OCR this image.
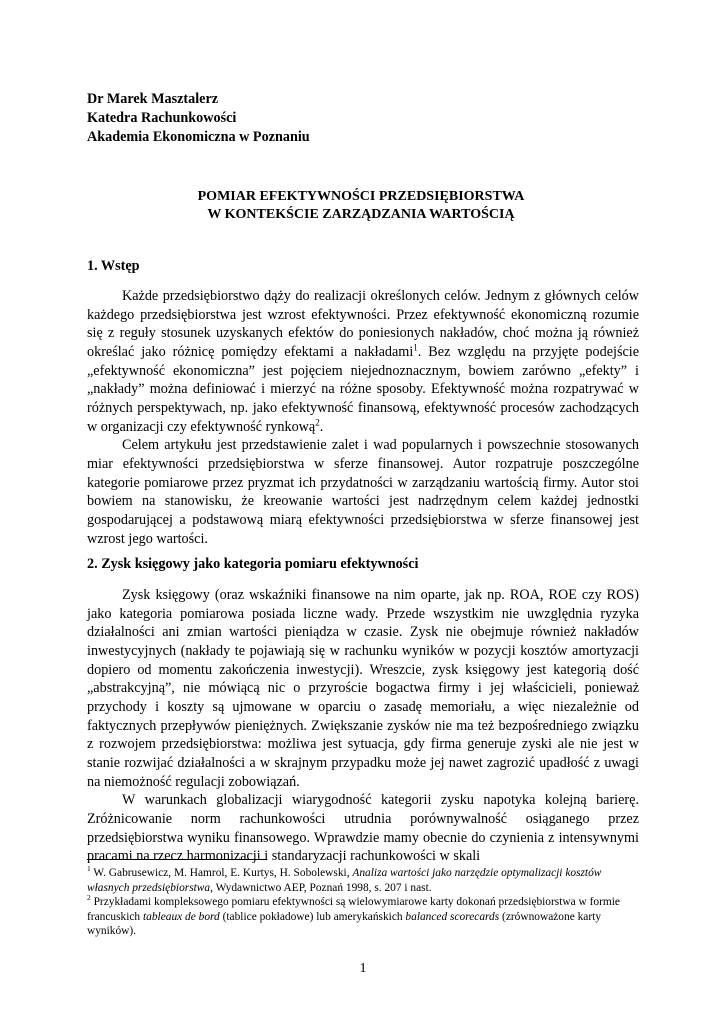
Dr Marek Masztalerz
Katedra Rachunkowości
Akademia Ekonomiczna w Poznaniu
POMIAR EFEKTYWNOŚCI PRZEDSIĘBIORSTWA
W KONTEKŚCIE ZARZĄDZANIA WARTOŚCIĄ
1. Wstęp

Każde przedsiębiorstwo dąży do realizacji określonych celów. Jednym z głównych celów każdego przedsiębiorstwa jest wzrost efektywności. Przez efektywność ekonomiczną rozumie się z reguły stosunek uzyskanych efektów do poniesionych nakładów, choć można ją również określać jako różnicę pomiędzy efektami a nakładami$^1$. Bez względu na przyjęte podejście „efektywność ekonomiczna” jest pojęciem niejednoznacznym, bowiem zarówno „efekty” i „nakłady” można definiować i mierzyć na różne sposoby. Efektywność można rozpatrywać w różnych perspektywach, np. jako efektywność finansową, efektywność procesów zachodzących w organizacji czy efektywność rynkową$^2$.

Celem artykułu jest przedstawienie zalet i wad popularnych i powszechnie stosowanych miar efektywności przedsiębiorstwa w sferze finansowej. Autor rozpatruje poszczególne kategorie pomiarowe przez pryzmat ich przydatności w zarządzaniu wartością firmy. Autor stoi bowiem na stanowisku, że kreowanie wartości jest nadrzędnym celem każdej jednostki gospodarującej a podstawową miarą efektywności przedsiębiorstwa w sferze finansowej jest wzrost jego wartości.

2. Zysk księgowy jako kategoria pomiaru efektywności

Zysk księgowy (oraz wskaźniki finansowe na nim oparte, jak np. ROA, ROE czy ROS) jako kategoria pomiarowa posiada liczne wady. Przede wszystkim nie uwzględnia ryzyka działalności ani zmian wartości pieniądza w czasie. Zysk nie obejmuje również nakładów inwestycyjnych (nakłady te pojawiają się w rachunku wyników w pozycji kosztów amortyzacji dopiero od momentu zakończenia inwestycji). Wreszcie, zysk księgowy jest kategorią dość „abstrakcyjną”, nie mówiącą nic o przyroście bogactwa firmy i jej właścicieli, ponieważ przychody i koszty są ujmowane w oparciu o zasadę memoriału, a więc niezależnie od faktycznych przepływów pieniężnych. Zwiększanie zysków nie ma też bezpośredniego związku z rozwojem przedsiębiorstwa: możliwa jest sytuacja, gdy firma generuje zyski ale nie jest w stanie rozwijać działalności a w skrajnym przypadku może jej nawet zagrozić upadłość z uwagi na niemożność regulacji zobowiązań.

W warunkach globalizacji wiarygodność kategorii zysku napotyka kolejną barierę. Zróżnicowanie norm rachunkowości utrudnia porównywalność osiąganego przez przedsiębiorstwa wyniku finansowego. Wprawdzie mamy obecnie do czynienia z intensywnymi pracami na rzecz harmonizacji i standaryzacji rachunkowości w skali

$^1$ W. Gabrusewicz, M. Hamrol, E. Kurtys, H. Sobolewski, Analiza wartości jako narzędzie optymalizacji kosztów własnych przedsiębiorstwa, Wydawnictwo AEP, Poznań 1998, s. 207 i nast.

$^2$ Przykładami kompleksowego pomiaru efektywności są wielowymiarowe karty dokonań przedsiębiorstwa w formie francuskich tableaux de bord (tablice pokładowe) lub amerykańskich balanced scorecards (zrównoważone karty wyników).

1
